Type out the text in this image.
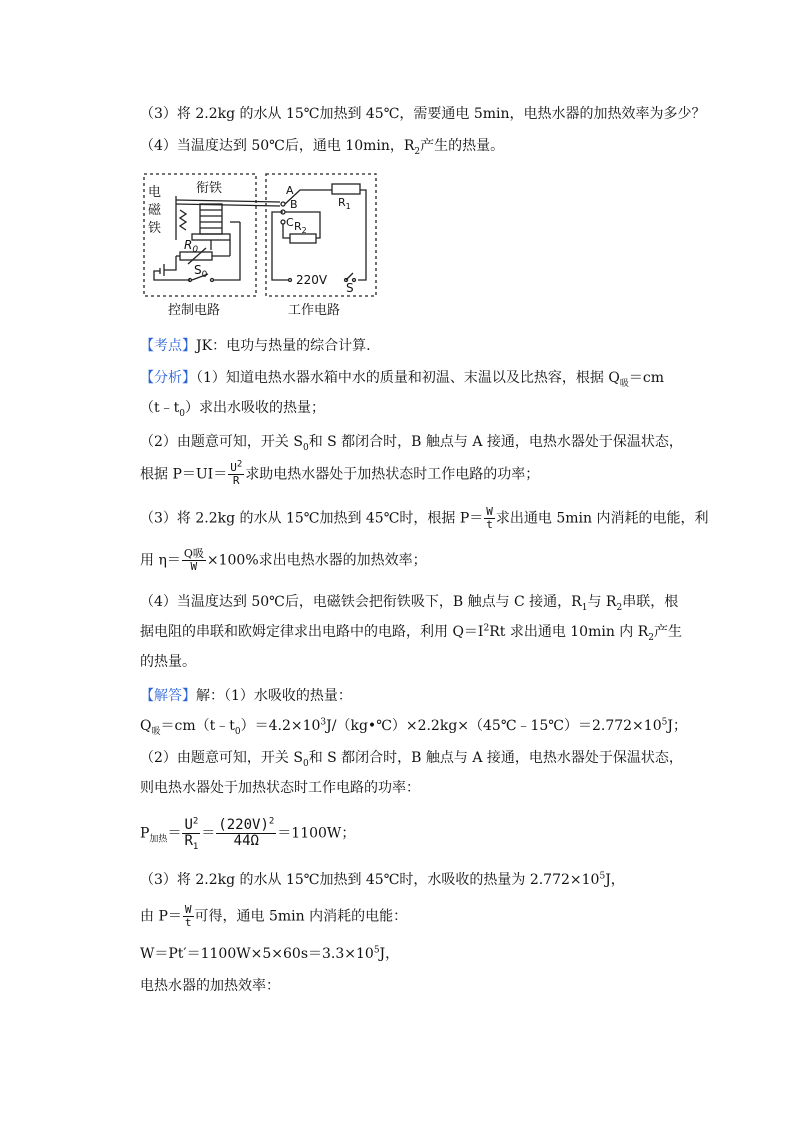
（3）将 2.2kg 的水从 15℃加热到 45℃，需要通电 5min，电热水器的加热效率为多少？
（4）当温度达到 50℃后，通电 10min，$R_2$产生的热量。
电
磁
铁
衔铁
$R_0$
$S_0$
控制电路
A
B
C
$R_1$
$R_2$
220V
S
工作电路
【考点】JK：电功与热量的综合计算.
【分析】（1）知道电热水器水箱中水的质量和初温、末温以及比热容，根据 $Q_吸=cm$
$(t﹣t_0)$求出水吸收的热量；
（2）由题意可知，开关 $S_0$和 S 都闭合时，B 触点与 A 接通，电热水器处于保温状态，
根据 $P=UI= \frac{U^2}{R}$ 求助电热水器处于加热状态时工作电路的功率；
（3）将 2.2kg 的水从 15℃加热到 45℃时，根据 $P= \frac{W}{t}$ 求出通电 5min 内消耗的电能，利
用 $\eta= \frac{\text{Q吸}}{W} \times 100\%$求出电热水器的加热效率；
（4）当温度达到 50℃后，电磁铁会把衔铁吸下，B 触点与 C 接通，$R_1$与 $R_2$串联，根
据电阻的串联和欧姆定律求出电路中的电路，利用 $Q=I^2Rt$ 求出通电 10min 内 $R_2$产生
的热量。
【解答】解：（1）水吸收的热量：
$Q_吸=cm(t﹣t_0)=4.2\times 10^3J/(kg•℃)\times 2.2kg\times(45℃﹣15℃)=2.772\times 10^5J$；
（2）由题意可知，开关 $S_0$和 S 都闭合时，B 触点与 A 接通，电热水器处于保温状态，
则电热水器处于加热状态时工作电路的功率：
$P_{加热}= \frac{U^2}{R_1} = \frac{(220V)^2}{44\Omega} =1100W$；
（3）将 2.2kg 的水从 15℃加热到 45℃时，水吸收的热量为 $2.772\times 10^5J$，
由 $P= \frac{W}{t}$ 可得，通电 5min 内消耗的电能：
$W=Pt'=1100W\times 5\times 60s=3.3\times 10^5J$，
电热水器的加热效率：
